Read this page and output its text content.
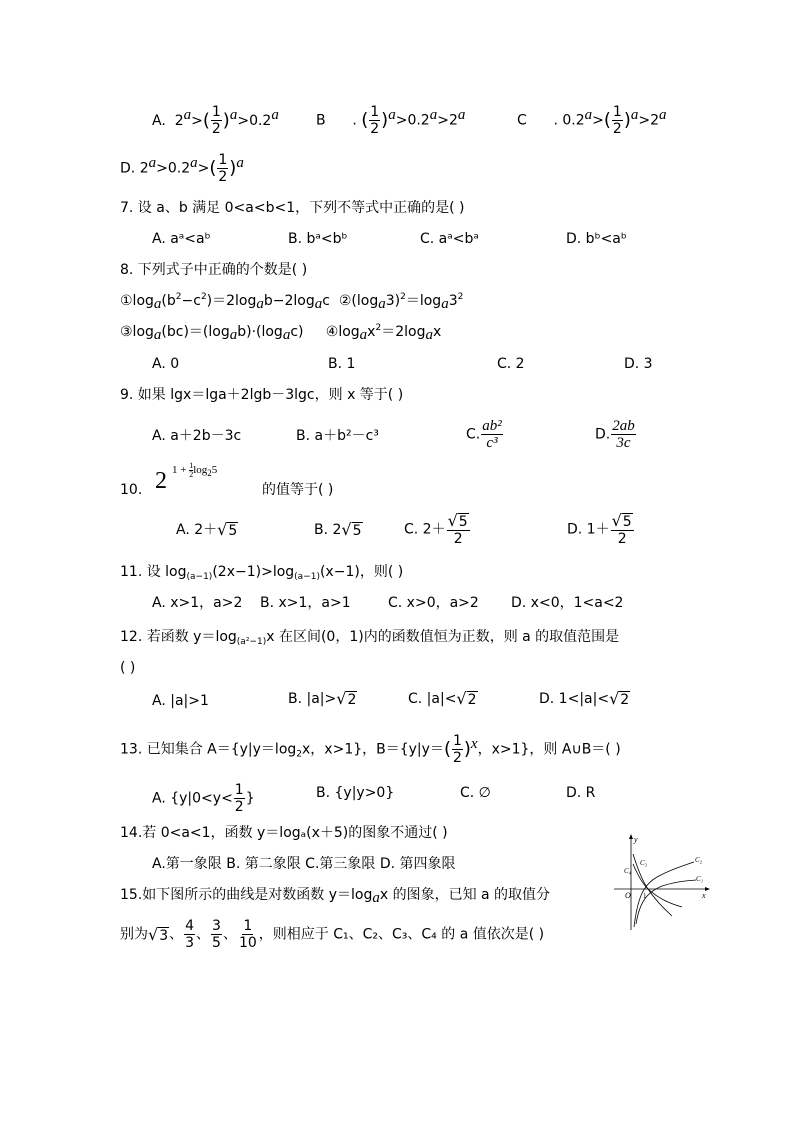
A. $2^a>( \frac{1}{2} )^a>0.2^a$	B . ( $\frac{1}{2} )^a>0.2^a>2^a$	C . $0.2^a>( \frac{1}{2} )^a>2^a$
D. $2^a>0.2^a>( \frac{1}{2} )^a$
7. 设 a、b 满足 0<a<b<1，下列不等式中正确的是( )
A. aᵃ<aᵇ	B. bᵃ<bᵇ	C. aᵃ<bᵃ	D. bᵇ<aᵇ
8. 下列式子中正确的个数是( )
$①\log_a(b^2-c^2)=2\log_ab-2\log_ac$ $②(\log_a3)^2=\log_a3^2$
$③\log_a(bc)=(\log_ab)\cdot(\log_ac)$ $④\log_ax^2=2\log_ax$
A. 0	B. 1	C. 2	D. 3
9. 如果 lgx＝lga＋2lgb－3lgc，则 x 等于( )
A. a＋2b－3c	B. a＋b²－c³	C. $\frac{\text{ab²}}{\text{c³}}$	D. $\frac{2ab}{3c}$
10. 2 $1 + \frac{1}{2} \log_25$
的值等于( )
A. 2＋ √ 5	B. 2 √ 5	C. $2+ \frac{√ 5}{2}$	D. $1+ \frac{√ 5}{2}$
11. 设 $\log_{(a-1)}(2x-1)>\log_{(a-1)}(x-1)$，则( )
A. x>1，a>2 B. x>1，a>1	C. x>0，a>2 D. x<0，1<a<2
12. 若函数 $y=\log_{(a^2-1)}x$ 在区间(0，1)内的函数值恒为正数，则 a 的取值范围是
( )
A. |a|>1	B. |a|> √ 2	C. |a|< √ 2	D. 1<|a|< √ 2
13. 已知集合 $A=\{y|y=\log_2x$，x>1}，$B=\{y|y=( \frac{1}{2} )^x$，x>1}，则 A∪B＝( )
A. {$y|0<y< \frac{1}{2}$ }	B. {y|y>0}	C. ∅	D. R
14.若 0<a<1，函数 y＝logₐ(x＋5)的图象不通过( )
A.第一象限 B. 第二象限 C.第三象限 D. 第四象限
15.如下图所示的曲线是对数函数 $y=\log_ax$ 的图象，已知 a 的取值分
别为 √ 3 、 $\frac{4}{3}$ 、 $\frac{3}{5}$ 、 $\frac{1}{10}$ ，则相应于 C₁、C₂、C₃、C₄ 的 a 值依次是( )
y
x
O 1
C₂
C₁
C₃
C₄
